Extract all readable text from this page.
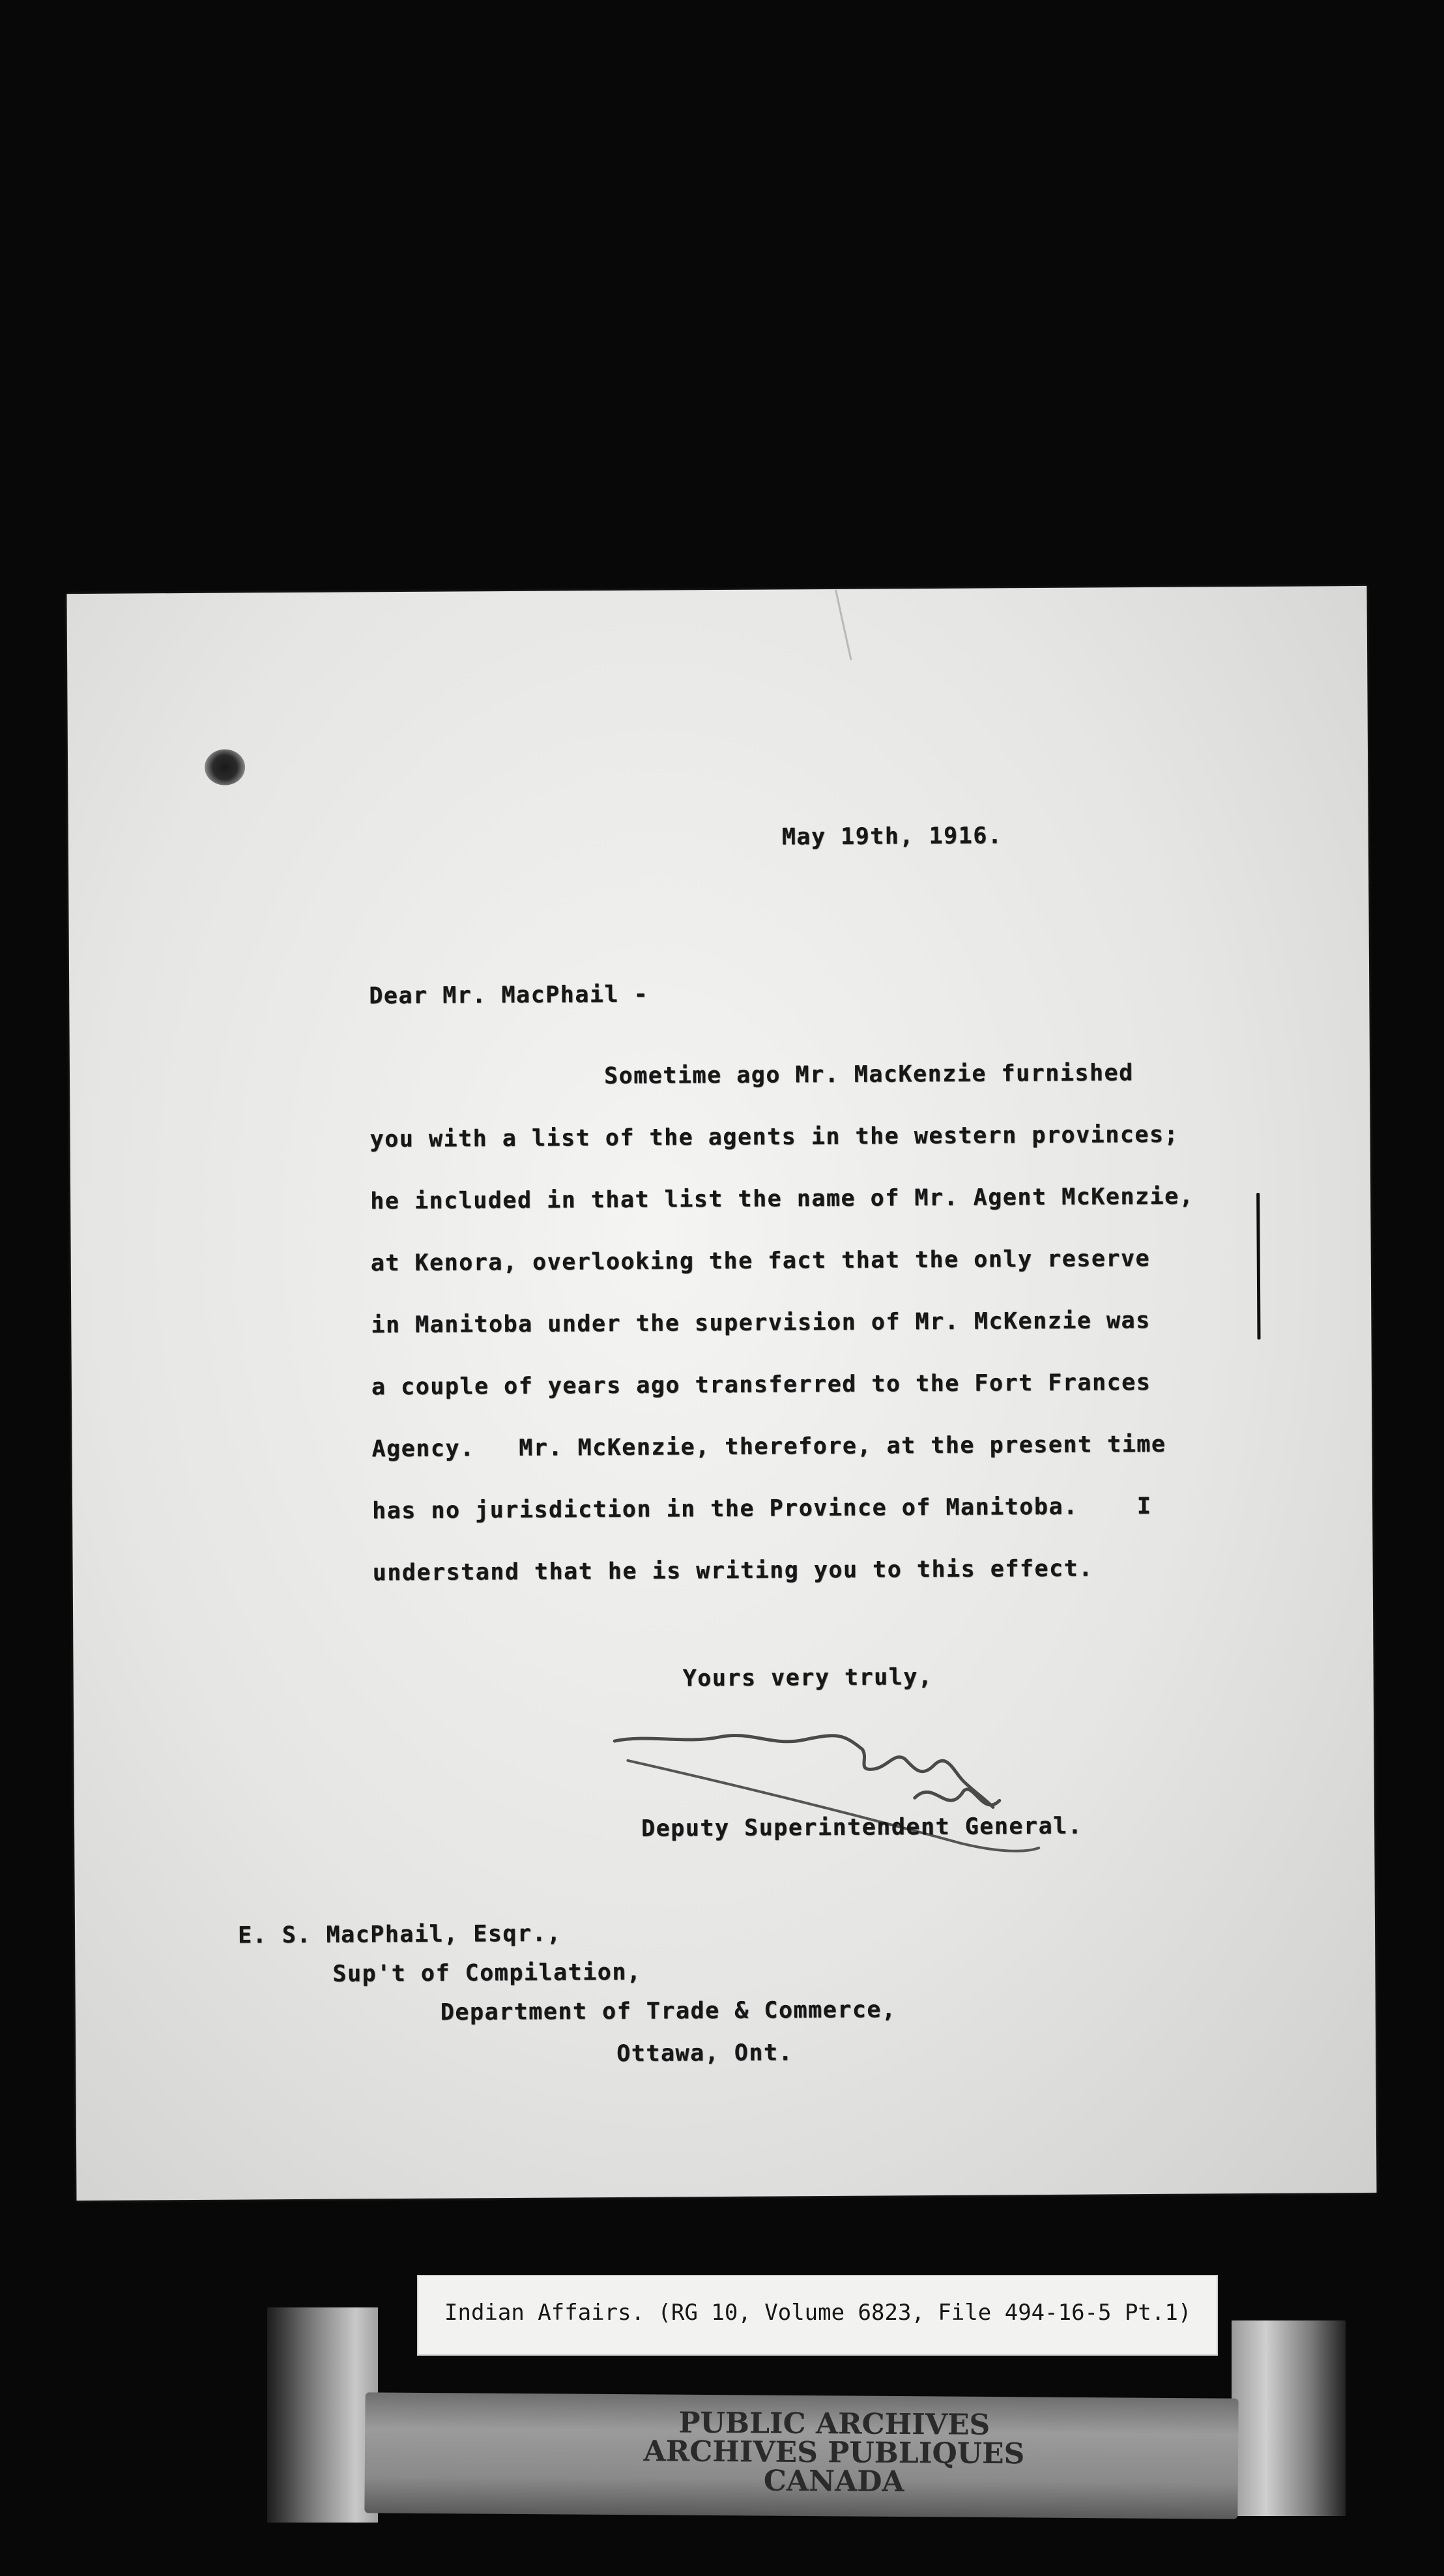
May 19th, 1916.
Dear Mr. MacPhail -
Sometime ago Mr. MacKenzie furnished
you with a list of the agents in the western provinces;
he included in that list the name of Mr. Agent McKenzie,
at Kenora, overlooking the fact that the only reserve
in Manitoba under the supervision of Mr. McKenzie was
a couple of years ago transferred to the Fort Frances
Agency.   Mr. McKenzie, therefore, at the present time
has no jurisdiction in the Province of Manitoba.    I
understand that he is writing you to this effect.
Yours very truly,
Deputy Superintendent General.
E. S. MacPhail, Esqr.,
Sup't of Compilation,
Department of Trade & Commerce,
Ottawa, Ont.
Indian Affairs. (RG 10, Volume 6823, File 494-16-5 Pt.1)
PUBLIC ARCHIVES
ARCHIVES PUBLIQUES
CANADA
